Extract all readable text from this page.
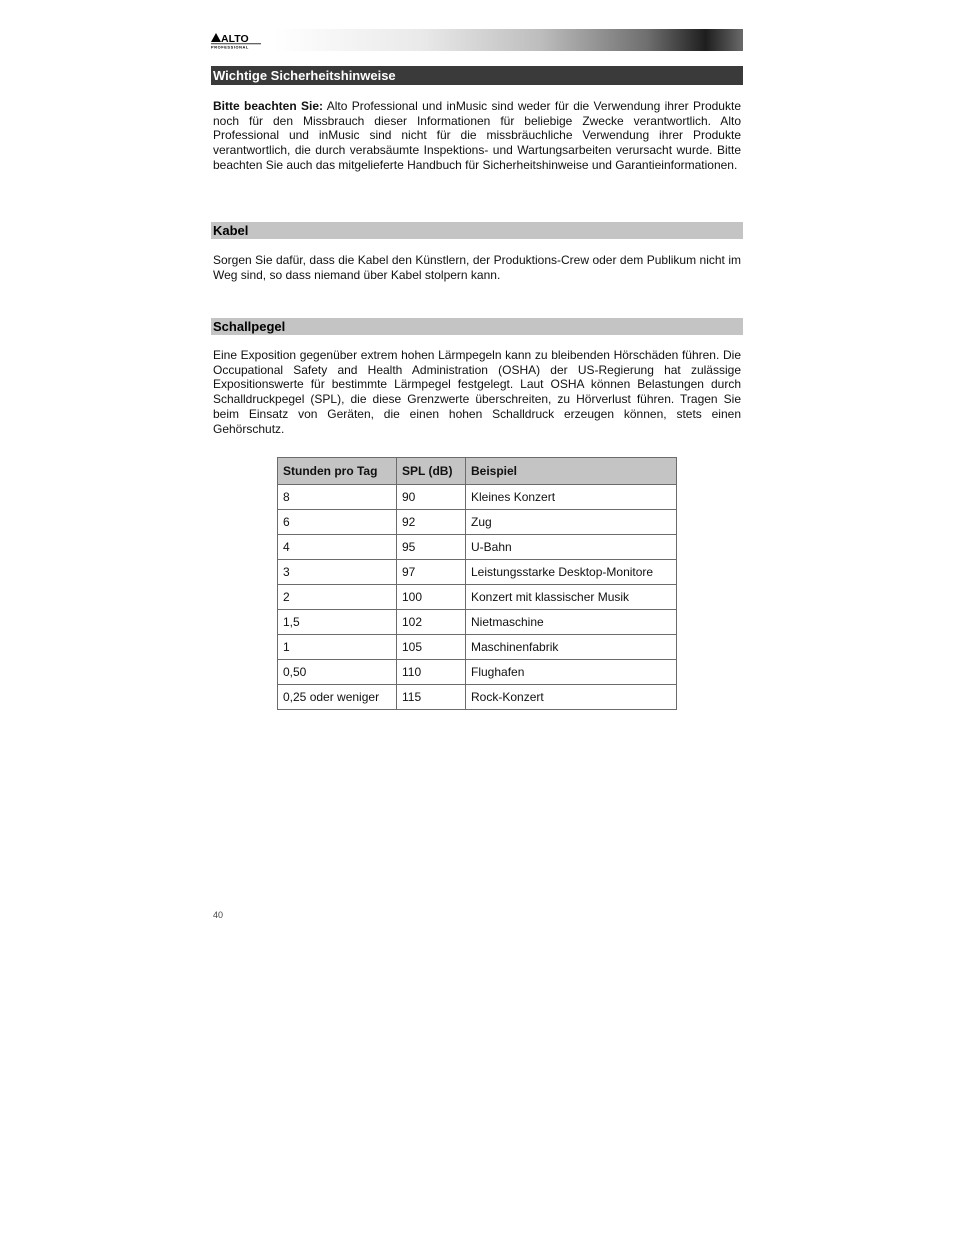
ALTO
PROFESSIONAL
Wichtige Sicherheitshinweise

Bitte beachten Sie: Alto Professional und inMusic sind weder für die Verwendung ihrer Produkte noch für den Missbrauch dieser Informationen für beliebige Zwecke verantwortlich. Alto Professional und inMusic sind nicht für die missbräuchliche Verwendung ihrer Produkte verantwortlich, die durch verabsäumte Inspektions- und Wartungsarbeiten verursacht wurde. Bitte beachten Sie auch das mitgelieferte Handbuch für Sicherheitshinweise und Garantieinformationen.

Kabel

Sorgen Sie dafür, dass die Kabel den Künstlern, der Produktions-Crew oder dem Publikum nicht im Weg sind, so dass niemand über Kabel stolpern kann.

Schallpegel

Eine Exposition gegenüber extrem hohen Lärmpegeln kann zu bleibenden Hörschäden führen. Die Occupational Safety and Health Administration (OSHA) der US-Regierung hat zulässige Expositionswerte für bestimmte Lärmpegel festgelegt. Laut OSHA können Belastungen durch Schalldruckpegel (SPL), die diese Grenzwerte überschreiten, zu Hörverlust führen. Tragen Sie beim Einsatz von Geräten, die einen hohen Schalldruck erzeugen können, stets einen Gehörschutz.

Stunden pro Tag	SPL (dB)	Beispiel
8	90	Kleines Konzert
6	92	Zug
4	95	U-Bahn
3	97	Leistungsstarke Desktop-Monitore
2	100	Konzert mit klassischer Musik
1,5	102	Nietmaschine
1	105	Maschinenfabrik
0,50	110	Flughafen
0,25 oder weniger	115	Rock-Konzert
40
